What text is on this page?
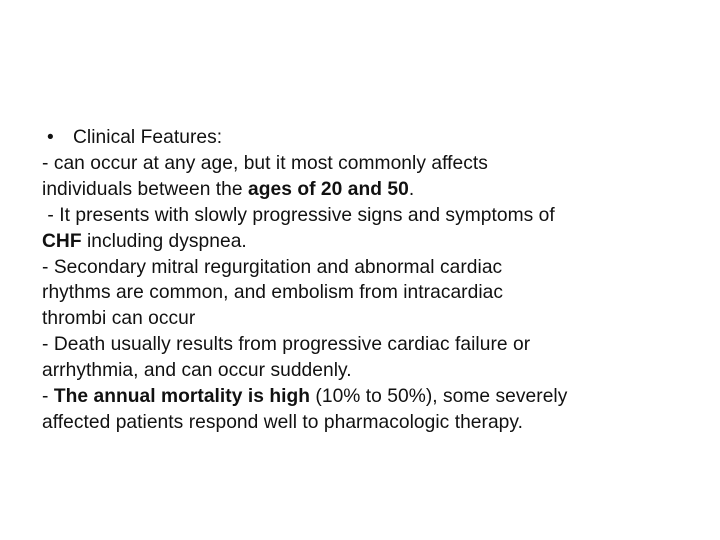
• Clinical Features:
- can occur at any age, but it most commonly affects
individuals between the ages of 20 and 50.
- It presents with slowly progressive signs and symptoms of
CHF including dyspnea.
- Secondary mitral regurgitation and abnormal cardiac
rhythms are common, and embolism from intracardiac
thrombi can occur
- Death usually results from progressive cardiac failure or
arrhythmia, and can occur suddenly.
- The annual mortality is high (10% to 50%), some severely
affected patients respond well to pharmacologic therapy.
